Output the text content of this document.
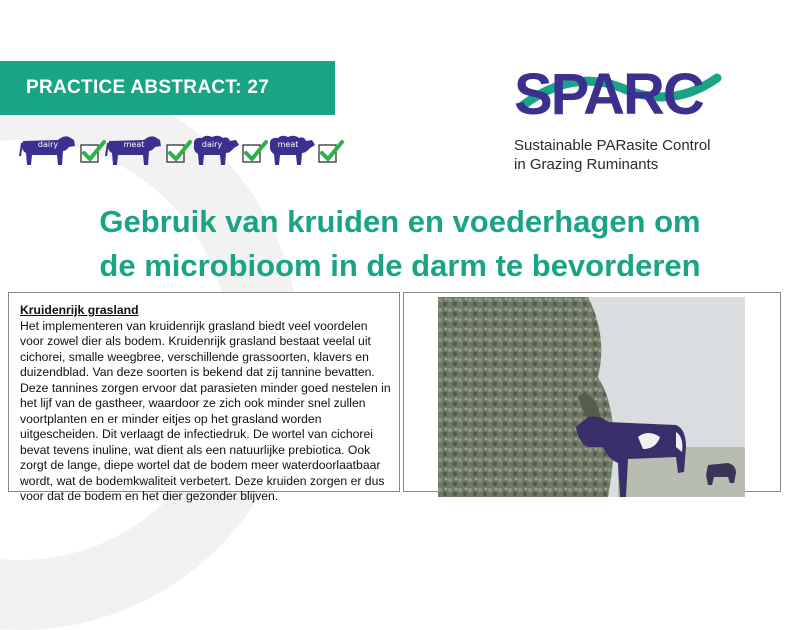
PRACTICE ABSTRACT: 27
dairy	meat	dairy	meat
SPARC
Sustainable PARasite Control
in Grazing Ruminants
Gebruik van kruiden en voederhagen om
de microbioom in de darm te bevorderen
Kruidenrijk grasland

Het implementeren van kruidenrijk grasland biedt veel voordelen voor zowel dier als bodem. Kruidenrijk grasland bestaat veelal uit cichorei, smalle weegbree, verschillende grassoorten, klavers en duizendblad. Van deze soorten is bekend dat zij tannine bevatten. Deze tannines zorgen ervoor dat parasieten minder goed nestelen in het lijf van de gastheer, waardoor ze zich ook minder snel zullen voortplanten en er minder eitjes op het grasland worden uitgescheiden. Dit verlaagt de infectiedruk. De wortel van cichorei bevat tevens inuline, wat dient als een natuurlijke prebiotica. Ook zorgt de lange, diepe wortel dat de bodem meer waterdoorlaatbaar wordt, wat de bodemkwaliteit verbetert. Deze kruiden zorgen er dus voor dat de bodem en het dier gezonder blijven.
